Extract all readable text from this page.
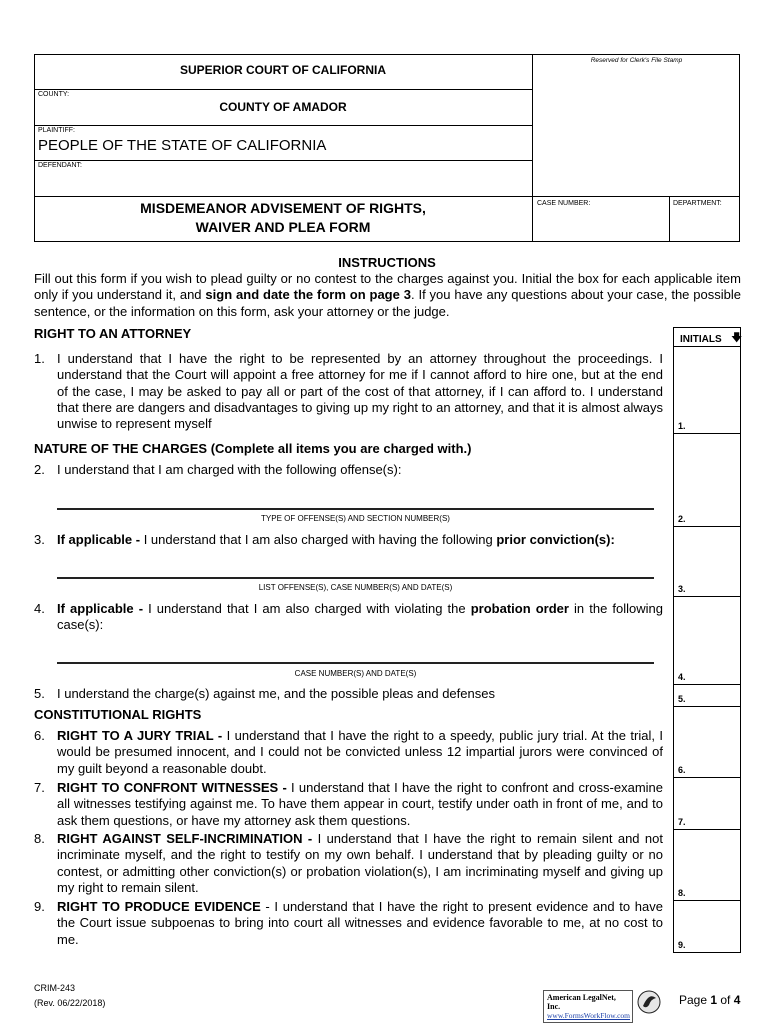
Reserved for Clerk's File Stamp
SUPERIOR COURT OF CALIFORNIA
COUNTY:
COUNTY OF AMADOR
PLAINTIFF:
PEOPLE OF THE STATE OF CALIFORNIA
DEFENDANT:
MISDEMEANOR ADVISEMENT OF RIGHTS,
WAIVER AND PLEA FORM
CASE NUMBER:	DEPARTMENT:
INSTRUCTIONS
Fill out this form if you wish to plead guilty or no contest to the charges against you. Initial the box for each applicable item only if you understand it, and sign and date the form on page 3. If you have any questions about your case, the possible sentence, or the information on this form, ask your attorney or the judge.
INITIALS 🡇
1.
2.
3.
4.
5.
6.
7.
8.
9.
RIGHT TO AN ATTORNEY
1. I understand that I have the right to be represented by an attorney throughout the proceedings. I understand that the Court will appoint a free attorney for me if I cannot afford to hire one, but at the end of the case, I may be asked to pay all or part of the cost of that attorney, if I can afford to. I understand that there are dangers and disadvantages to giving up my right to an attorney, and that it is almost always unwise to represent myself
NATURE OF THE CHARGES (Complete all items you are charged with.)
2. I understand that I am charged with the following offense(s):
TYPE OF OFFENSE(S) AND SECTION NUMBER(S)
3. If applicable - I understand that I am also charged with having the following prior conviction(s):
LIST OFFENSE(S), CASE NUMBER(S) AND DATE(S)
4. If applicable - I understand that I am also charged with violating the probation order in the following case(s):
CASE NUMBER(S) AND DATE(S)
5. I understand the charge(s) against me, and the possible pleas and defenses
CONSTITUTIONAL RIGHTS
6. RIGHT TO A JURY TRIAL - I understand that I have the right to a speedy, public jury trial. At the trial, I would be presumed innocent, and I could not be convicted unless 12 impartial jurors were convinced of my guilt beyond a reasonable doubt.
7. RIGHT TO CONFRONT WITNESSES - I understand that I have the right to confront and cross-examine all witnesses testifying against me. To have them appear in court, testify under oath in front of me, and to ask them questions, or have my attorney ask them questions.
8. RIGHT AGAINST SELF-INCRIMINATION - I understand that I have the right to remain silent and not incriminate myself, and the right to testify on my own behalf. I understand that by pleading guilty or no contest, or admitting other conviction(s) or probation violation(s), I am incriminating myself and giving up my right to remain silent.
9. RIGHT TO PRODUCE EVIDENCE - I understand that I have the right to present evidence and to have the Court issue subpoenas to bring into court all witnesses and evidence favorable to me, at no cost to me.
CRIM-243
(Rev. 06/22/2018)
American LegalNet, Inc.
www.FormsWorkFlow.com
Page 1 of 4
